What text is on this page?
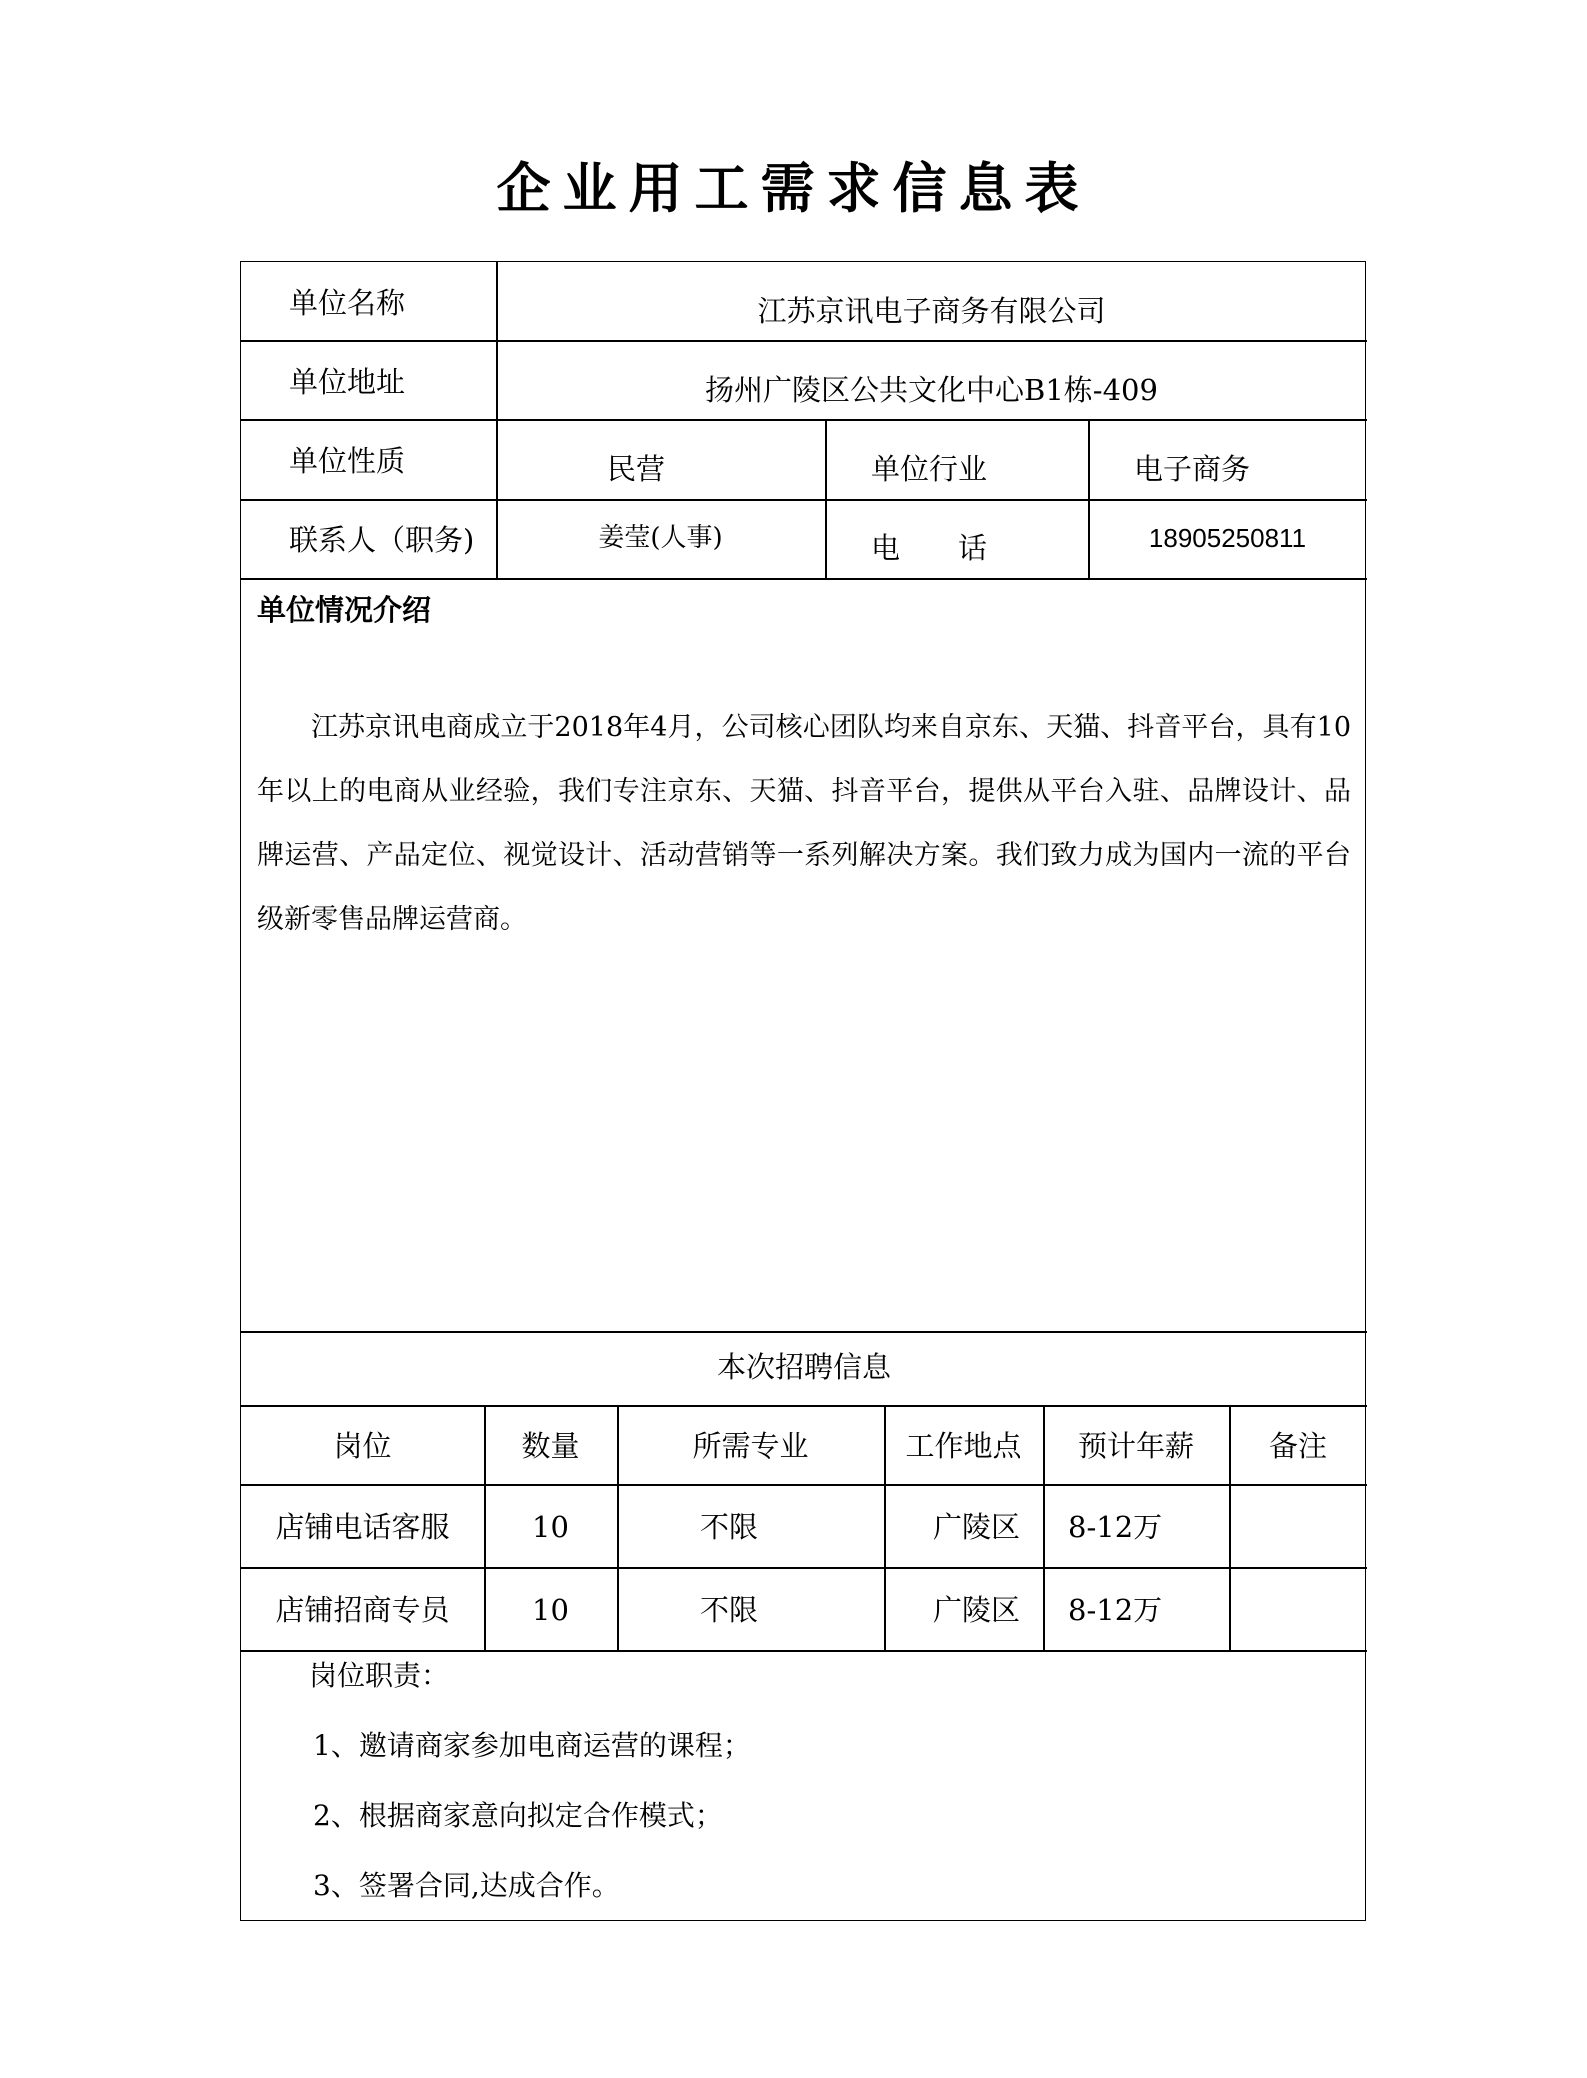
企业用工需求信息表
单位名称	江苏京讯电子商务有限公司
单位地址	扬州广陵区公共文化中心B1栋-409
单位性质	民营	单位行业	电子商务
联系人（职务)	姜莹(人事)	电　　话	18905250811
单位情况介绍
江苏京讯电商成立于2018年4月，公司核心团队均来自京东、天猫、抖音平台，具有10年以上的电商从业经验，我们专注京东、天猫、抖音平台，提供从平台入驻、品牌设计、品牌运营、产品定位、视觉设计、活动营销等一系列解决方案。我们致力成为国内一流的平台级新零售品牌运营商。
本次招聘信息
岗位	数量	所需专业	工作地点	预计年薪	备注
店铺电话客服	10	不限	广陵区 8-12万
店铺招商专员	10	不限	广陵区 8-12万
岗位职责：
1、邀请商家参加电商运营的课程；
2、根据商家意向拟定合作模式；
3、签署合同,达成合作。
